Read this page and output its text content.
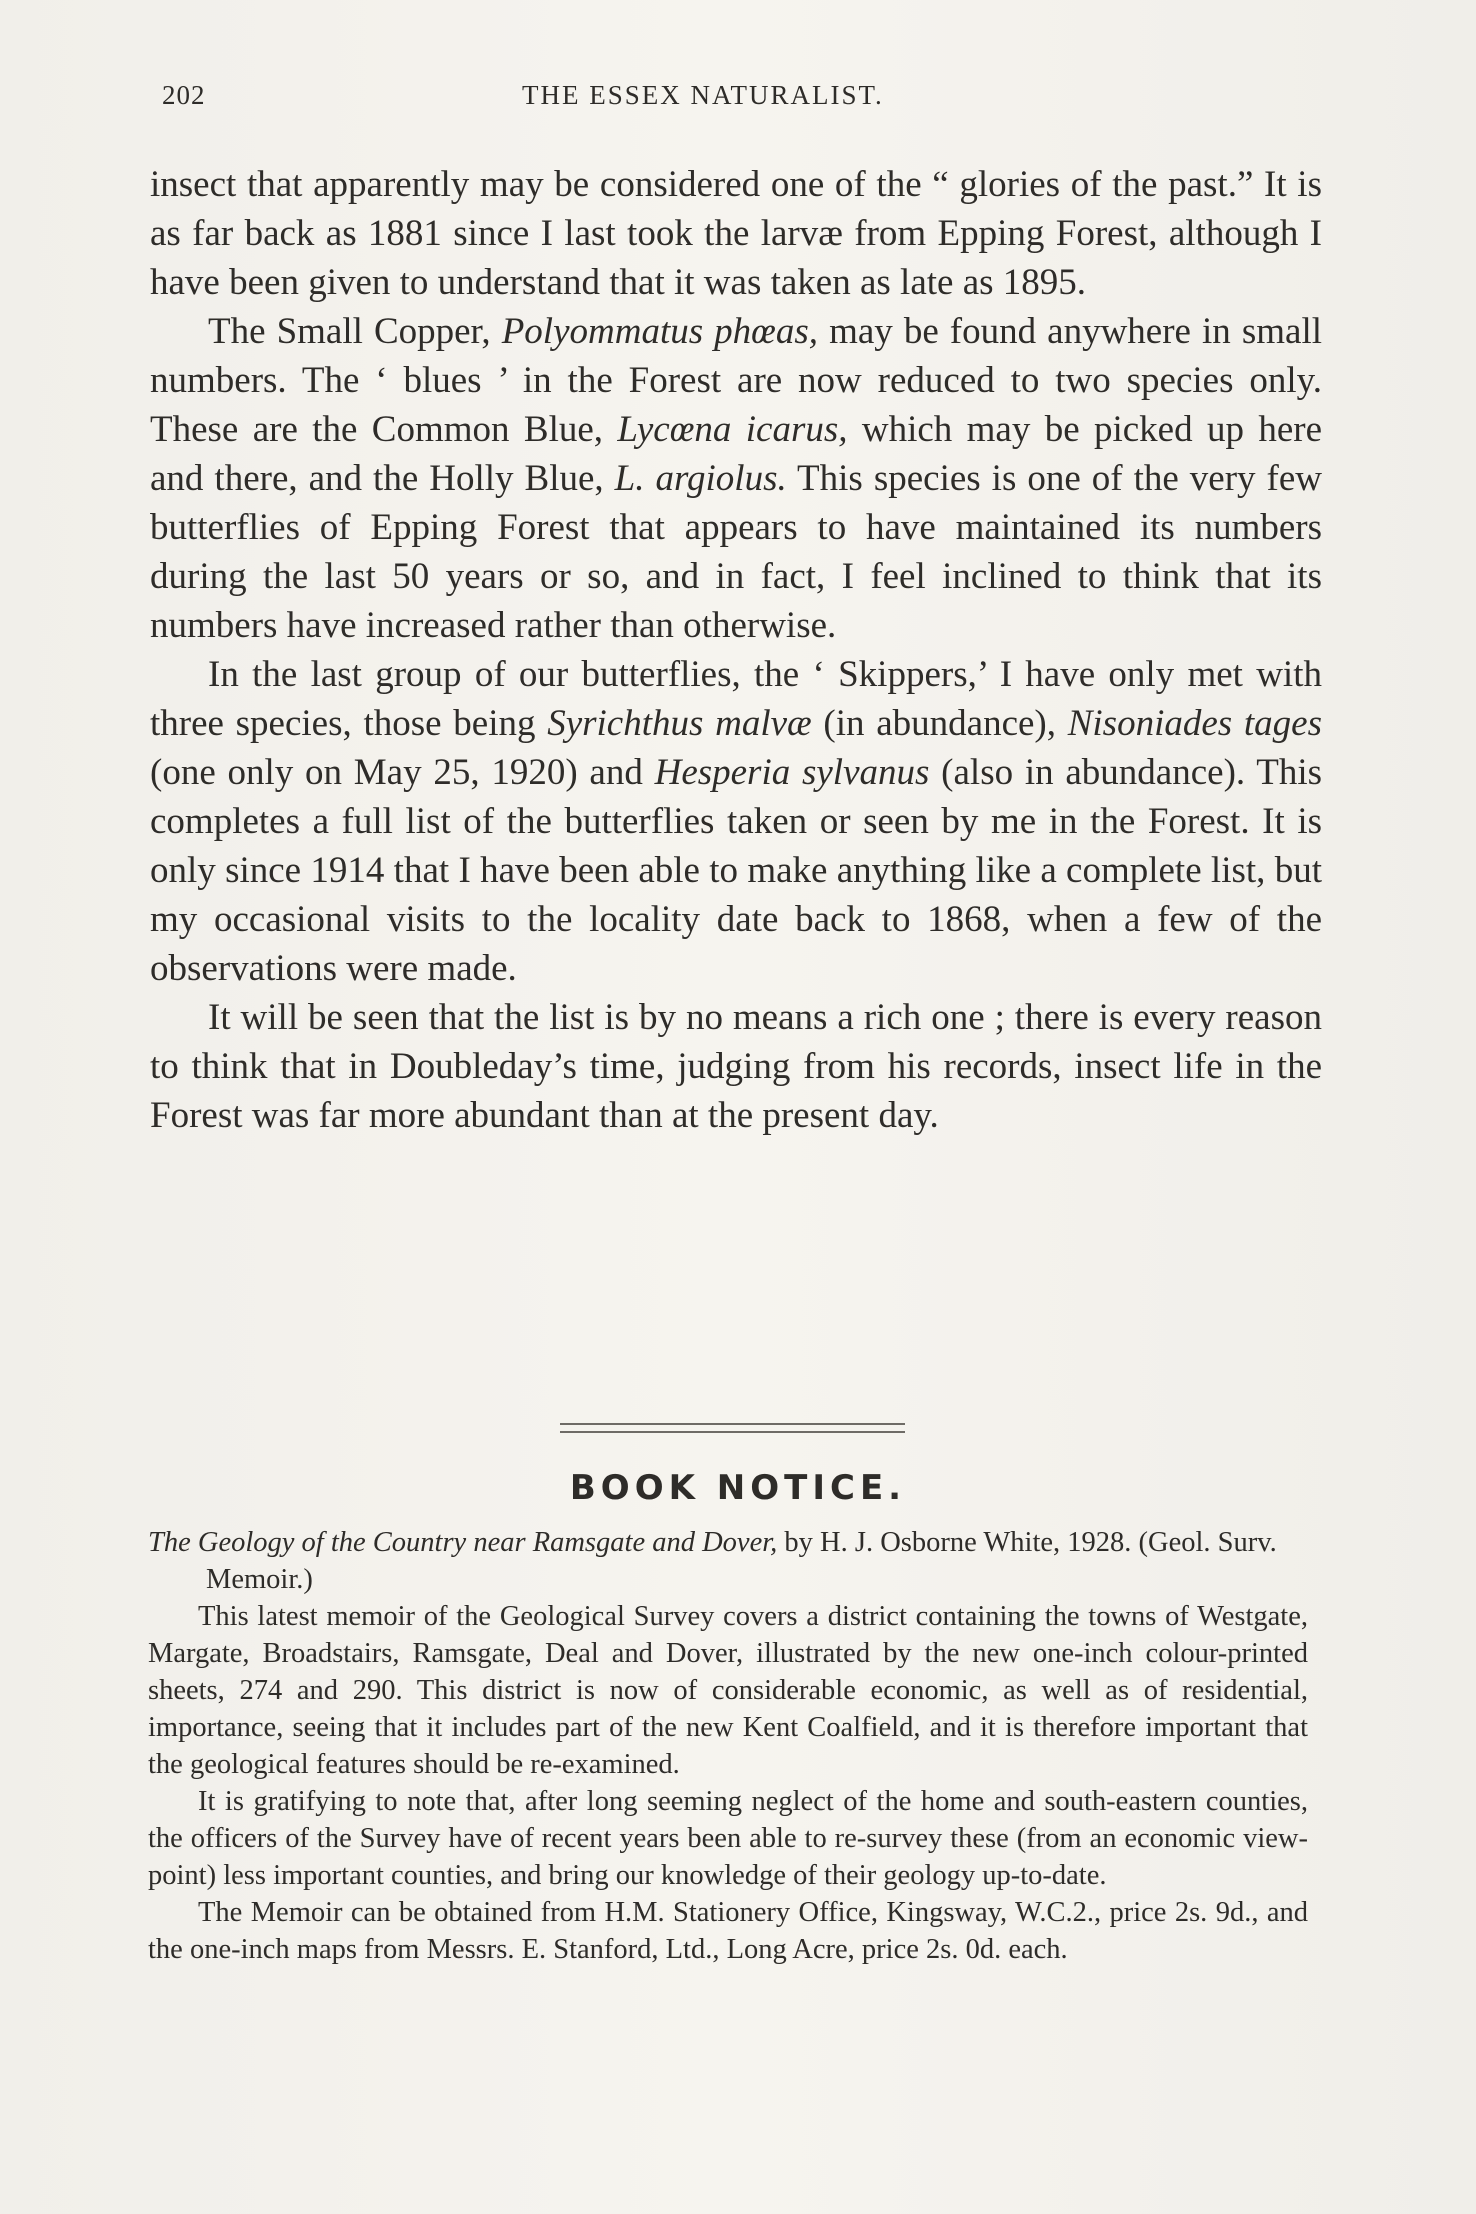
202	THE ESSEX NATURALIST.

insect that apparently may be considered one of the “ glories of the past.” It is as far back as 1881 since I last took the larvæ from Epping Forest, although I have been given to understand that it was taken as late as 1895.

The Small Copper, Polyommatus phœas, may be found anywhere in small numbers. The ‘ blues ’ in the Forest are now reduced to two species only. These are the Common Blue, Lycœna icarus, which may be picked up here and there, and the Holly Blue, L. argiolus. This species is one of the very few butterflies of Epping Forest that appears to have maintained its numbers during the last 50 years or so, and in fact, I feel inclined to think that its numbers have increased rather than otherwise.

In the last group of our butterflies, the ‘ Skippers,’ I have only met with three species, those being Syrichthus malvæ (in abundance), Nisoniades tages (one only on May 25, 1920) and Hesperia sylvanus (also in abundance). This completes a full list of the butterflies taken or seen by me in the Forest. It is only since 1914 that I have been able to make anything like a complete list, but my occasional visits to the locality date back to 1868, when a few of the observations were made.

It will be seen that the list is by no means a rich one ; there is every reason to think that in Doubleday’s time, judging from his records, insect life in the Forest was far more abundant than at the present day.

BOOK NOTICE.

The Geology of the Country near Ramsgate and Dover, by H. J. Osborne White, 1928. (Geol. Surv. Memoir.)

This latest memoir of the Geological Survey covers a district containing the towns of Westgate, Margate, Broadstairs, Ramsgate, Deal and Dover, illustrated by the new one-inch colour-printed sheets, 274 and 290. This district is now of considerable economic, as well as of residential, importance, seeing that it includes part of the new Kent Coalfield, and it is therefore important that the geological features should be re-examined.

It is gratifying to note that, after long seeming neglect of the home and south-eastern counties, the officers of the Survey have of recent years been able to re-survey these (from an economic view-point) less important counties, and bring our knowledge of their geology up-to-date.

The Memoir can be obtained from H.M. Stationery Office, Kingsway, W.C.2., price 2s. 9d., and the one-inch maps from Messrs. E. Stanford, Ltd., Long Acre, price 2s. 0d. each.
